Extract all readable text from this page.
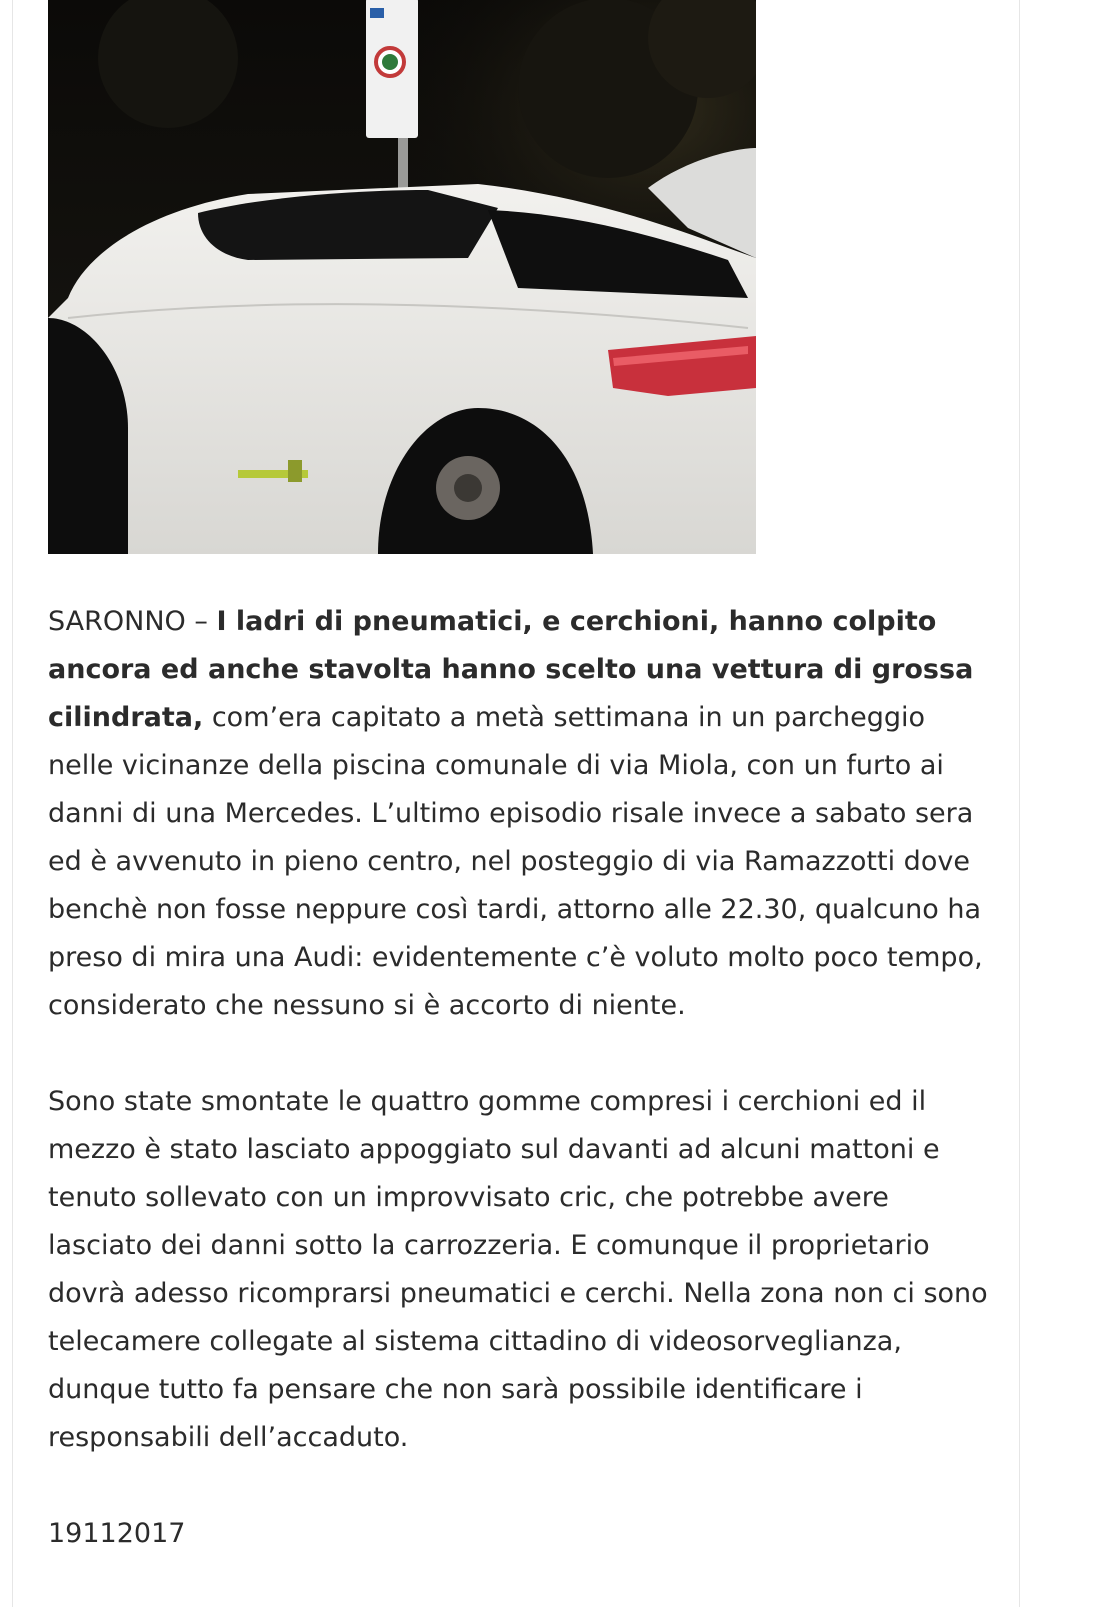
SARONNO – I ladri di pneumatici, e cerchioni, hanno colpito ancora ed anche stavolta hanno scelto una vettura di grossa cilindrata, com’era capitato a metà settimana in un parcheggio nelle vicinanze della piscina comunale di via Miola, con un furto ai danni di una Mercedes. L’ultimo episodio risale invece a sabato sera ed è avvenuto in pieno centro, nel posteggio di via Ramazzotti dove benchè non fosse neppure così tardi, attorno alle 22.30, qualcuno ha preso di mira una Audi: evidentemente c’è voluto molto poco tempo, considerato che nessuno si è accorto di niente.

Sono state smontate le quattro gomme compresi i cerchioni ed il mezzo è stato lasciato appoggiato sul davanti ad alcuni mattoni e tenuto sollevato con un improvvisato cric, che potrebbe avere lasciato dei danni sotto la carrozzeria. E comunque il proprietario dovrà adesso ricomprarsi pneumatici e cerchi. Nella zona non ci sono telecamere collegate al sistema cittadino di videosorveglianza, dunque tutto fa pensare che non sarà possibile identificare i responsabili dell’accaduto.

19112017
